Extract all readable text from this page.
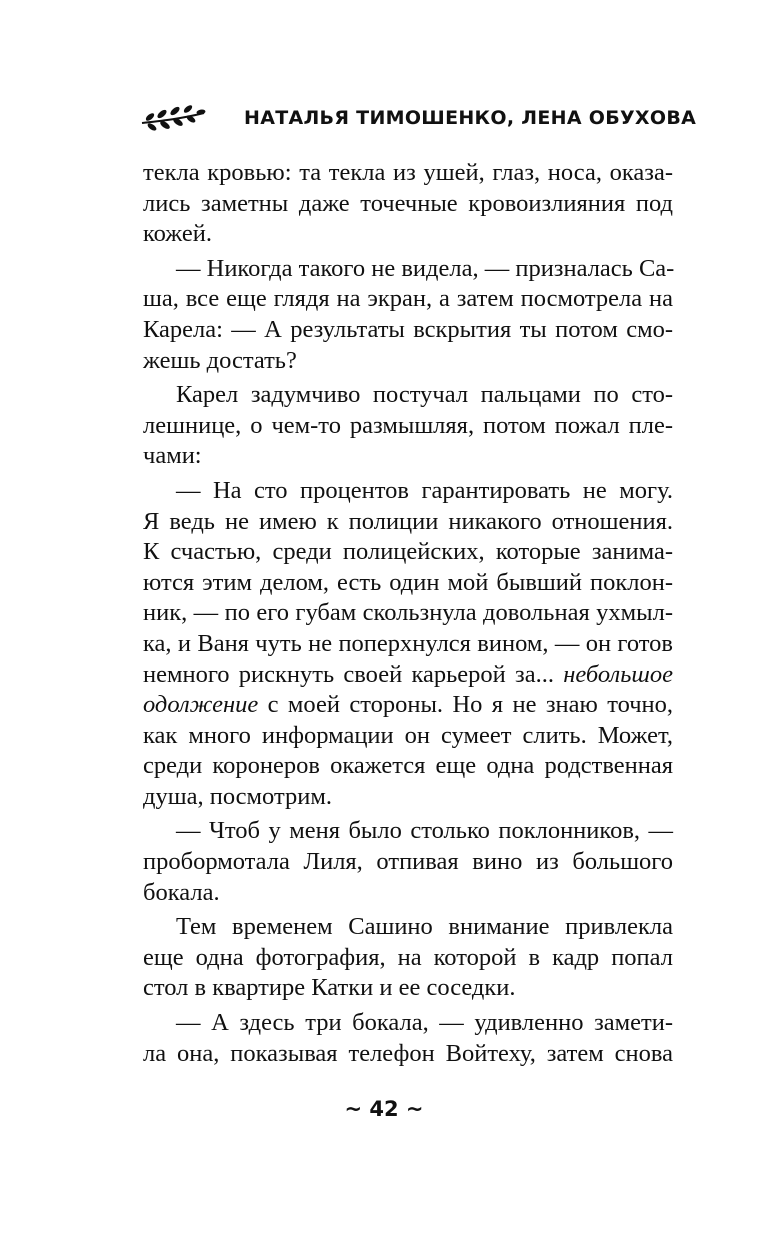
НАТАЛЬЯ ТИМОШЕНКО, ЛЕНА ОБУХОВА
текла кровью: та текла из ушей, глаз, носа, оказа-
лись заметны даже точечные кровоизлияния под
кожей.
— Никогда такого не видела, — призналась Са-
ша, все еще глядя на экран, а затем посмотрела на
Карела: — А результаты вскрытия ты потом смо-
жешь достать?
Карел задумчиво постучал пальцами по сто-
лешнице, о чем-то размышляя, потом пожал пле-
чами:
— На сто процентов гарантировать не могу.
Я ведь не имею к полиции никакого отношения.
К счастью, среди полицейских, которые занима-
ются этим делом, есть один мой бывший поклон-
ник, — по его губам скользнула довольная ухмыл-
ка, и Ваня чуть не поперхнулся вином, — он готов
немного рискнуть своей карьерой за... небольшое
одолжение с моей стороны. Но я не знаю точно,
как много информации он сумеет слить. Может,
среди коронеров окажется еще одна родственная
душа, посмотрим.
— Чтоб у меня было столько поклонников, —
пробормотала Лиля, отпивая вино из большого
бокала.
Тем временем Сашино внимание привлекла
еще одна фотография, на которой в кадр попал
стол в квартире Катки и ее соседки.
— А здесь три бокала, — удивленно замети-
ла она, показывая телефон Войтеху, затем снова
~ 42 ~
